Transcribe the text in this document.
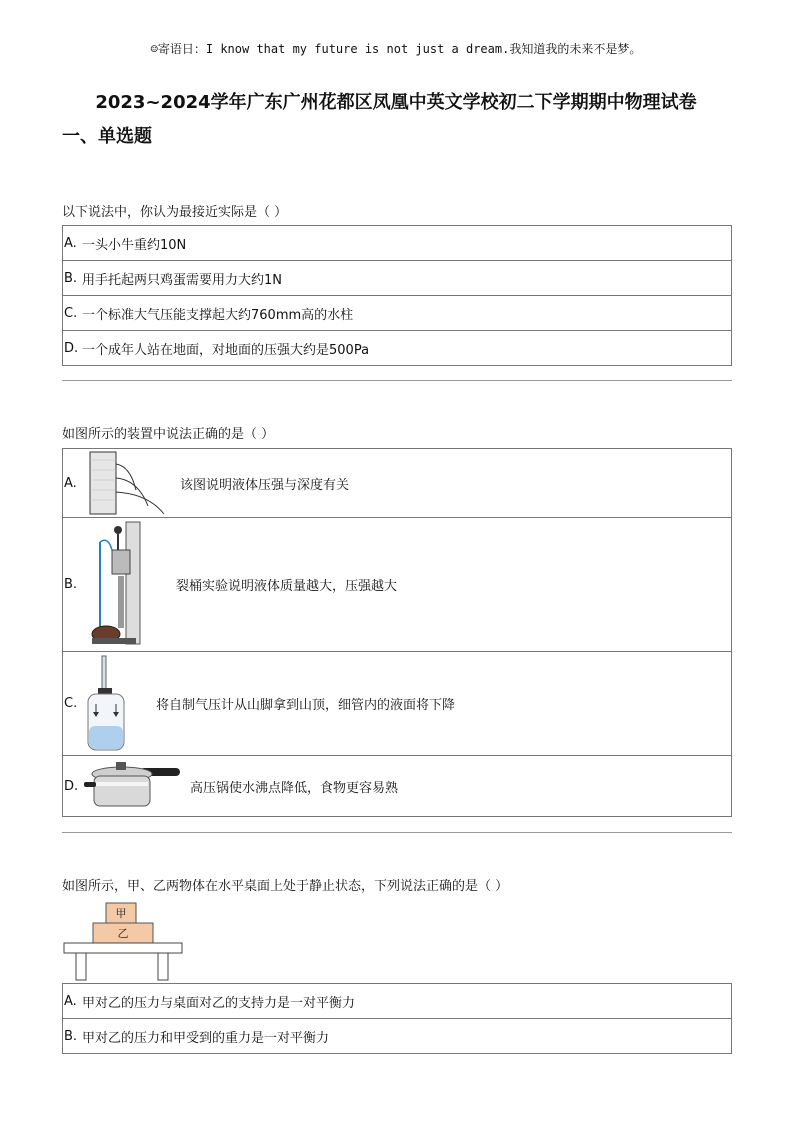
☺寄语日：I know that my future is not just a dream.我知道我的未来不是梦。
2023~2024学年广东广州花都区凤凰中英文学校初二下学期期中物理试卷
一、单选题
以下说法中，你认为最接近实际是（ ）
A. 一头小牛重约10N

B. 用手托起两只鸡蛋需要用力大约1N

C. 一个标准大气压能支撑起大约760mm高的水柱

D. 一个成年人站在地面，对地面的压强大约是500Pa
如图所示的装置中说法正确的是（ ）
A.	该图说明液体压强与深度有关

B.	裂桶实验说明液体质量越大，压强越大

C.	将自制气压计从山脚拿到山顶，细管内的液面将下降

D.	高压锅使水沸点降低，食物更容易熟
如图所示，甲、乙两物体在水平桌面上处于静止状态，下列说法正确的是（ ）
甲
乙
A. 甲对乙的压力与桌面对乙的支持力是一对平衡力

B. 甲对乙的压力和甲受到的重力是一对平衡力
